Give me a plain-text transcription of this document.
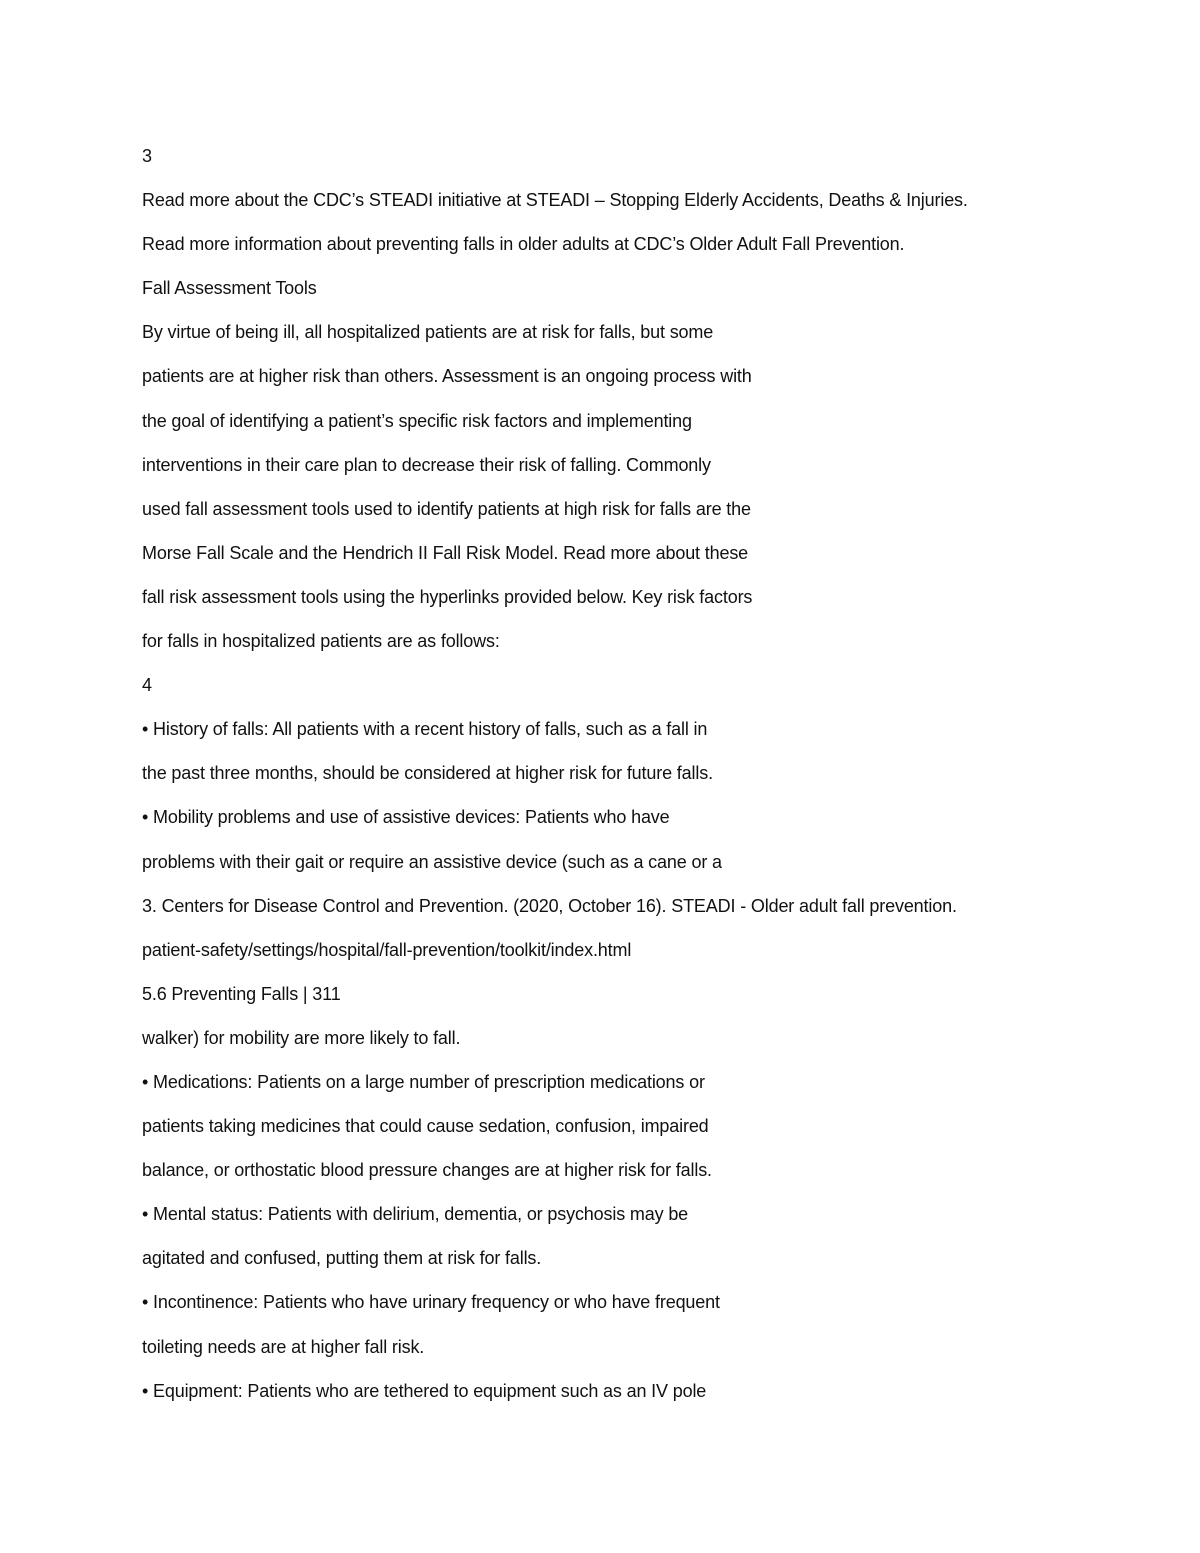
3
Read more about the CDC’s STEADI initiative at STEADI – Stopping Elderly Accidents, Deaths & Injuries.
Read more information about preventing falls in older adults at CDC’s Older Adult Fall Prevention.
Fall Assessment Tools
By virtue of being ill, all hospitalized patients are at risk for falls, but some
patients are at higher risk than others. Assessment is an ongoing process with
the goal of identifying a patient’s specific risk factors and implementing
interventions in their care plan to decrease their risk of falling. Commonly
used fall assessment tools used to identify patients at high risk for falls are the
Morse Fall Scale and the Hendrich II Fall Risk Model. Read more about these
fall risk assessment tools using the hyperlinks provided below. Key risk factors
for falls in hospitalized patients are as follows:
4
• History of falls: All patients with a recent history of falls, such as a fall in
the past three months, should be considered at higher risk for future falls.
• Mobility problems and use of assistive devices: Patients who have
problems with their gait or require an assistive device (such as a cane or a
3. Centers for Disease Control and Prevention. (2020, October 16). STEADI - Older adult fall prevention.
patient-safety/settings/hospital/fall-prevention/toolkit/index.html
5.6 Preventing Falls | 311
walker) for mobility are more likely to fall.
• Medications: Patients on a large number of prescription medications or
patients taking medicines that could cause sedation, confusion, impaired
balance, or orthostatic blood pressure changes are at higher risk for falls.
• Mental status: Patients with delirium, dementia, or psychosis may be
agitated and confused, putting them at risk for falls.
• Incontinence: Patients who have urinary frequency or who have frequent
toileting needs are at higher fall risk.
• Equipment: Patients who are tethered to equipment such as an IV pole
